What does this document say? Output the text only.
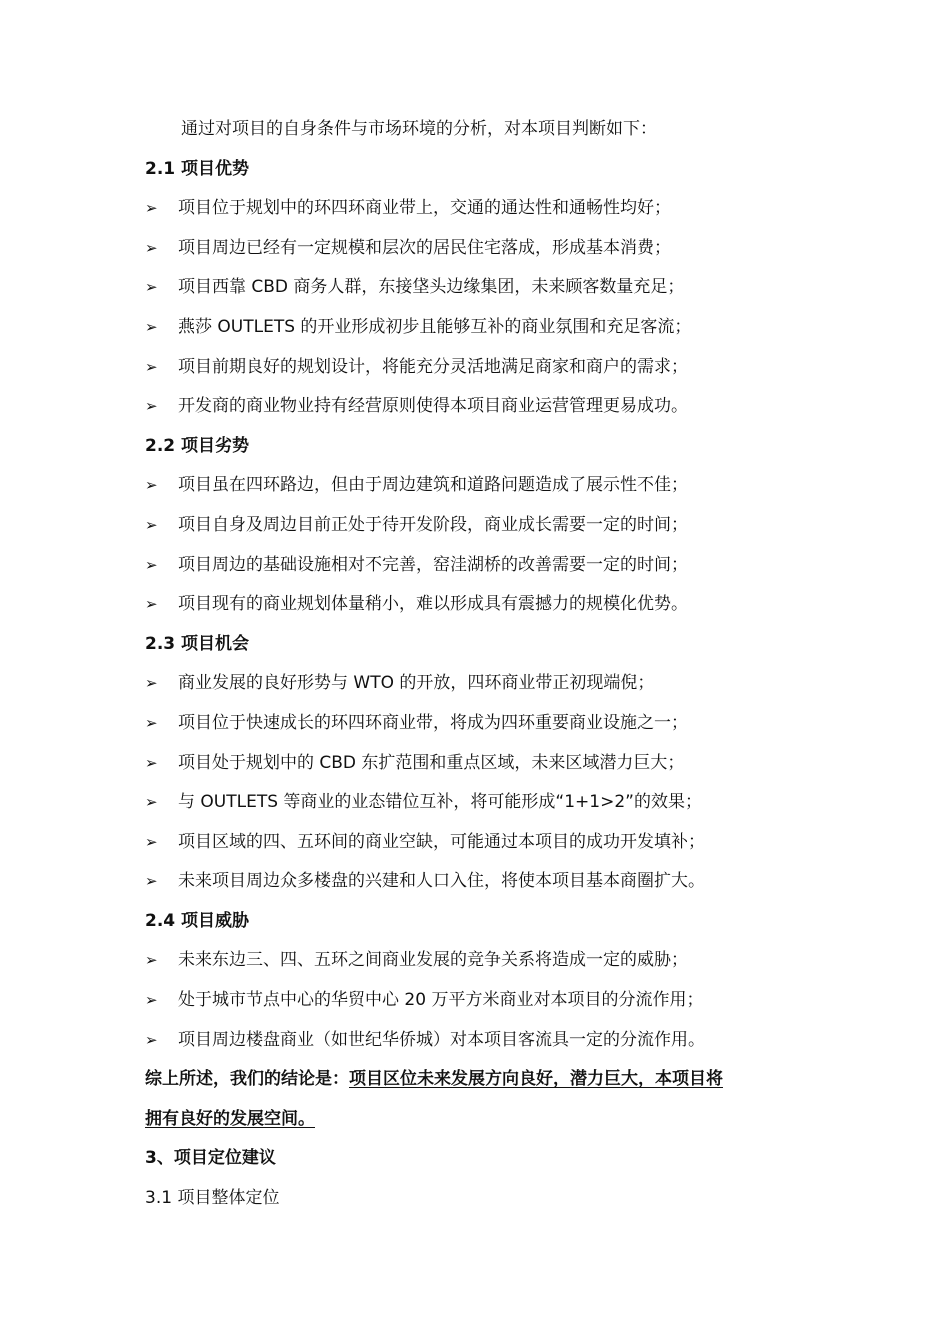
通过对项目的自身条件与市场环境的分析，对本项目判断如下：
2.1 项目优势
➢ 项目位于规划中的环四环商业带上，交通的通达性和通畅性均好；
➢ 项目周边已经有一定规模和层次的居民住宅落成，形成基本消费；
➢ 项目西靠 CBD 商务人群，东接垡头边缘集团，未来顾客数量充足；
➢ 燕莎 OUTLETS 的开业形成初步且能够互补的商业氛围和充足客流；
➢ 项目前期良好的规划设计，将能充分灵活地满足商家和商户的需求；
➢ 开发商的商业物业持有经营原则使得本项目商业运营管理更易成功。
2.2 项目劣势
➢ 项目虽在四环路边，但由于周边建筑和道路问题造成了展示性不佳；
➢ 项目自身及周边目前正处于待开发阶段，商业成长需要一定的时间；
➢ 项目周边的基础设施相对不完善，窑洼湖桥的改善需要一定的时间；
➢ 项目现有的商业规划体量稍小，难以形成具有震撼力的规模化优势。
2.3 项目机会
➢ 商业发展的良好形势与 WTO 的开放，四环商业带正初现端倪；
➢ 项目位于快速成长的环四环商业带，将成为四环重要商业设施之一；
➢ 项目处于规划中的 CBD 东扩范围和重点区域，未来区域潜力巨大；
➢ 与 OUTLETS 等商业的业态错位互补，将可能形成“1+1>2”的效果；
➢ 项目区域的四、五环间的商业空缺，可能通过本项目的成功开发填补；
➢ 未来项目周边众多楼盘的兴建和人口入住，将使本项目基本商圈扩大。
2.4 项目威胁
➢ 未来东边三、四、五环之间商业发展的竞争关系将造成一定的威胁；
➢ 处于城市节点中心的华贸中心 20 万平方米商业对本项目的分流作用；
➢ 项目周边楼盘商业（如世纪华侨城）对本项目客流具一定的分流作用。
综上所述，我们的结论是：项目区位未来发展方向良好，潜力巨大，本项目将
拥有良好的发展空间。
3、项目定位建议
3.1 项目整体定位
